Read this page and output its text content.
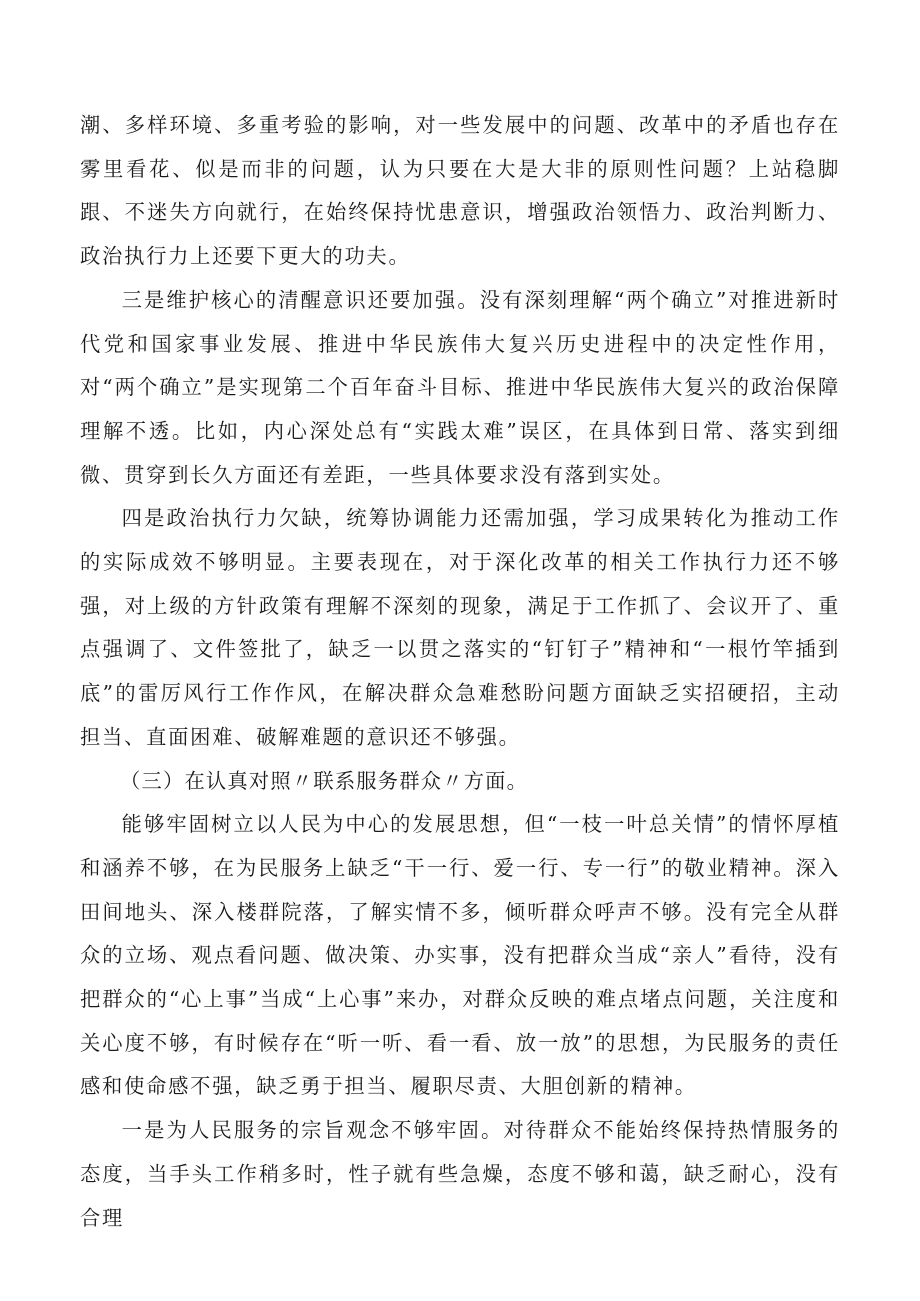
潮、多样环境、多重考验的影响，对一些发展中的问题、改革中的矛盾也存在雾里看花、似是而非的问题，认为只要在大是大非的原则性问题？上站稳脚跟、不迷失方向就行，在始终保持忧患意识，增强政治领悟力、政治判断力、政治执行力上还要下更大的功夫。

三是维护核心的清醒意识还要加强。没有深刻理解“两个确立”对推进新时代党和国家事业发展、推进中华民族伟大复兴历史进程中的决定性作用，对“两个确立”是实现第二个百年奋斗目标、推进中华民族伟大复兴的政治保障理解不透。比如，内心深处总有“实践太难”误区，在具体到日常、落实到细微、贯穿到长久方面还有差距，一些具体要求没有落到实处。

四是政治执行力欠缺，统筹协调能力还需加强，学习成果转化为推动工作的实际成效不够明显。主要表现在，对于深化改革的相关工作执行力还不够强，对上级的方针政策有理解不深刻的现象，满足于工作抓了、会议开了、重点强调了、文件签批了，缺乏一以贯之落实的“钉钉子”精神和“一根竹竿插到底”的雷厉风行工作作风，在解决群众急难愁盼问题方面缺乏实招硬招，主动担当、直面困难、破解难题的意识还不够强。

（三）在认真对照〃联系服务群众〃方面。

能够牢固树立以人民为中心的发展思想，但“一枝一叶总关情”的情怀厚植和涵养不够，在为民服务上缺乏“干一行、爱一行、专一行”的敬业精神。深入田间地头、深入楼群院落，了解实情不多，倾听群众呼声不够。没有完全从群众的立场、观点看问题、做决策、办实事，没有把群众当成“亲人”看待，没有把群众的“心上事”当成“上心事”来办，对群众反映的难点堵点问题，关注度和关心度不够，有时候存在“听一听、看一看、放一放”的思想，为民服务的责任感和使命感不强，缺乏勇于担当、履职尽责、大胆创新的精神。

一是为人民服务的宗旨观念不够牢固。对待群众不能始终保持热情服务的态度，当手头工作稍多时，性子就有些急燥，态度不够和蔼，缺乏耐心，没有合理
